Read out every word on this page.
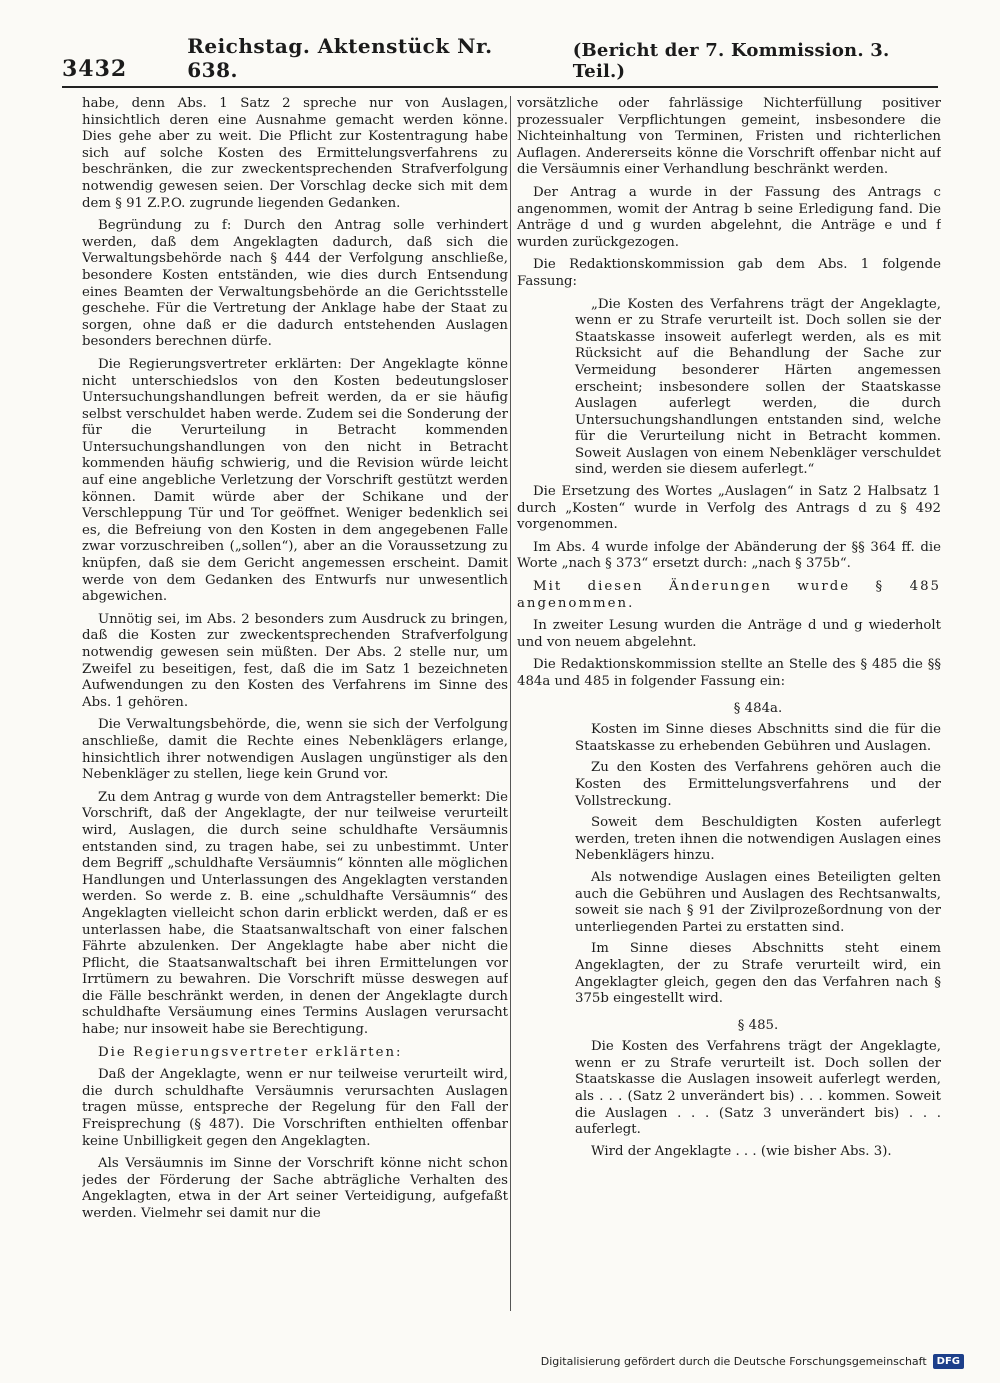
3432
Reichstag. Aktenstück Nr. 638.
(Bericht der 7. Kommission. 3. Teil.)

habe, denn Abs. 1 Satz 2 spreche nur von Auslagen, hinsichtlich deren eine Ausnahme gemacht werden könne. Dies gehe aber zu weit. Die Pflicht zur Kostentragung habe sich auf solche Kosten des Ermittelungsverfahrens zu beschränken, die zur zweckentsprechenden Strafverfolgung notwendig gewesen seien. Der Vorschlag decke sich mit dem dem § 91 Z.P.O. zugrunde liegenden Gedanken.

Begründung zu f: Durch den Antrag solle verhindert werden, daß dem Angeklagten dadurch, daß sich die Verwaltungsbehörde nach § 444 der Verfolgung anschließe, besondere Kosten entständen, wie dies durch Entsendung eines Beamten der Verwaltungsbehörde an die Gerichtsstelle geschehe. Für die Vertretung der Anklage habe der Staat zu sorgen, ohne daß er die dadurch entstehenden Auslagen besonders berechnen dürfe.

Die Regierungsvertreter erklärten: Der Angeklagte könne nicht unterschiedslos von den Kosten bedeutungsloser Untersuchungshandlungen befreit werden, da er sie häufig selbst verschuldet haben werde. Zudem sei die Sonderung der für die Verurteilung in Betracht kommenden Untersuchungshandlungen von den nicht in Betracht kommenden häufig schwierig, und die Revision würde leicht auf eine angebliche Verletzung der Vorschrift gestützt werden können. Damit würde aber der Schikane und der Verschleppung Tür und Tor geöffnet. Weniger bedenklich sei es, die Befreiung von den Kosten in dem angegebenen Falle zwar vorzuschreiben („sollen“), aber an die Voraussetzung zu knüpfen, daß sie dem Gericht angemessen erscheint. Damit werde von dem Gedanken des Entwurfs nur unwesentlich abgewichen.

Unnötig sei, im Abs. 2 besonders zum Ausdruck zu bringen, daß die Kosten zur zweckentsprechenden Strafverfolgung notwendig gewesen sein müßten. Der Abs. 2 stelle nur, um Zweifel zu beseitigen, fest, daß die im Satz 1 bezeichneten Aufwendungen zu den Kosten des Verfahrens im Sinne des Abs. 1 gehören.

Die Verwaltungsbehörde, die, wenn sie sich der Verfolgung anschließe, damit die Rechte eines Nebenklägers erlange, hinsichtlich ihrer notwendigen Auslagen ungünstiger als den Nebenkläger zu stellen, liege kein Grund vor.

Zu dem Antrag g wurde von dem Antragsteller bemerkt: Die Vorschrift, daß der Angeklagte, der nur teilweise verurteilt wird, Auslagen, die durch seine schuldhafte Versäumnis entstanden sind, zu tragen habe, sei zu unbestimmt. Unter dem Begriff „schuldhafte Versäumnis“ könnten alle möglichen Handlungen und Unterlassungen des Angeklagten verstanden werden. So werde z. B. eine „schuldhafte Versäumnis“ des Angeklagten vielleicht schon darin erblickt werden, daß er es unterlassen habe, die Staatsanwaltschaft von einer falschen Fährte abzulenken. Der Angeklagte habe aber nicht die Pflicht, die Staatsanwaltschaft bei ihren Ermittelungen vor Irrtümern zu bewahren. Die Vorschrift müsse deswegen auf die Fälle beschränkt werden, in denen der Angeklagte durch schuldhafte Versäumung eines Termins Auslagen verursacht habe; nur insoweit habe sie Berechtigung.

Die Regierungsvertreter erklärten:

Daß der Angeklagte, wenn er nur teilweise verurteilt wird, die durch schuldhafte Versäumnis verursachten Auslagen tragen müsse, entspreche der Regelung für den Fall der Freisprechung (§ 487). Die Vorschriften enthielten offenbar keine Unbilligkeit gegen den Angeklagten.

Als Versäumnis im Sinne der Vorschrift könne nicht schon jedes der Förderung der Sache abträgliche Verhalten des Angeklagten, etwa in der Art seiner Verteidigung, aufgefaßt werden. Vielmehr sei damit nur die

vorsätzliche oder fahrlässige Nichterfüllung positiver prozessualer Verpflichtungen gemeint, insbesondere die Nichteinhaltung von Terminen, Fristen und richterlichen Auflagen. Andererseits könne die Vorschrift offenbar nicht auf die Versäumnis einer Verhandlung beschränkt werden.

Der Antrag a wurde in der Fassung des Antrags c angenommen, womit der Antrag b seine Erledigung fand. Die Anträge d und g wurden abgelehnt, die Anträge e und f wurden zurückgezogen.

Die Redaktionskommission gab dem Abs. 1 folgende Fassung:

„Die Kosten des Verfahrens trägt der Angeklagte, wenn er zu Strafe verurteilt ist. Doch sollen sie der Staatskasse insoweit auferlegt werden, als es mit Rücksicht auf die Behandlung der Sache zur Vermeidung besonderer Härten angemessen erscheint; insbesondere sollen der Staatskasse Auslagen auferlegt werden, die durch Untersuchungshandlungen entstanden sind, welche für die Verurteilung nicht in Betracht kommen. Soweit Auslagen von einem Nebenkläger verschuldet sind, werden sie diesem auferlegt.“

Die Ersetzung des Wortes „Auslagen“ in Satz 2 Halbsatz 1 durch „Kosten“ wurde in Verfolg des Antrags d zu § 492 vorgenommen.

Im Abs. 4 wurde infolge der Abänderung der §§ 364 ff. die Worte „nach § 373“ ersetzt durch: „nach § 375b“.

Mit diesen Änderungen wurde § 485 angenommen.

In zweiter Lesung wurden die Anträge d und g wiederholt und von neuem abgelehnt.

Die Redaktionskommission stellte an Stelle des § 485 die §§ 484a und 485 in folgender Fassung ein:

§ 484a.

Kosten im Sinne dieses Abschnitts sind die für die Staatskasse zu erhebenden Gebühren und Auslagen.

Zu den Kosten des Verfahrens gehören auch die Kosten des Ermittelungsverfahrens und der Vollstreckung.

Soweit dem Beschuldigten Kosten auferlegt werden, treten ihnen die notwendigen Auslagen eines Nebenklägers hinzu.

Als notwendige Auslagen eines Beteiligten gelten auch die Gebühren und Auslagen des Rechtsanwalts, soweit sie nach § 91 der Zivilprozeßordnung von der unterliegenden Partei zu erstatten sind.

Im Sinne dieses Abschnitts steht einem Angeklagten, der zu Strafe verurteilt wird, ein Angeklagter gleich, gegen den das Verfahren nach § 375b eingestellt wird.

§ 485.

Die Kosten des Verfahrens trägt der Angeklagte, wenn er zu Strafe verurteilt ist. Doch sollen der Staatskasse die Auslagen insoweit auferlegt werden, als . . . (Satz 2 unverändert bis) . . . kommen. Soweit die Auslagen . . . (Satz 3 unverändert bis) . . . auferlegt.

Wird der Angeklagte . . . (wie bisher Abs. 3).

Digitalisierung gefördert durch die Deutsche Forschungsgemeinschaft	DFG
